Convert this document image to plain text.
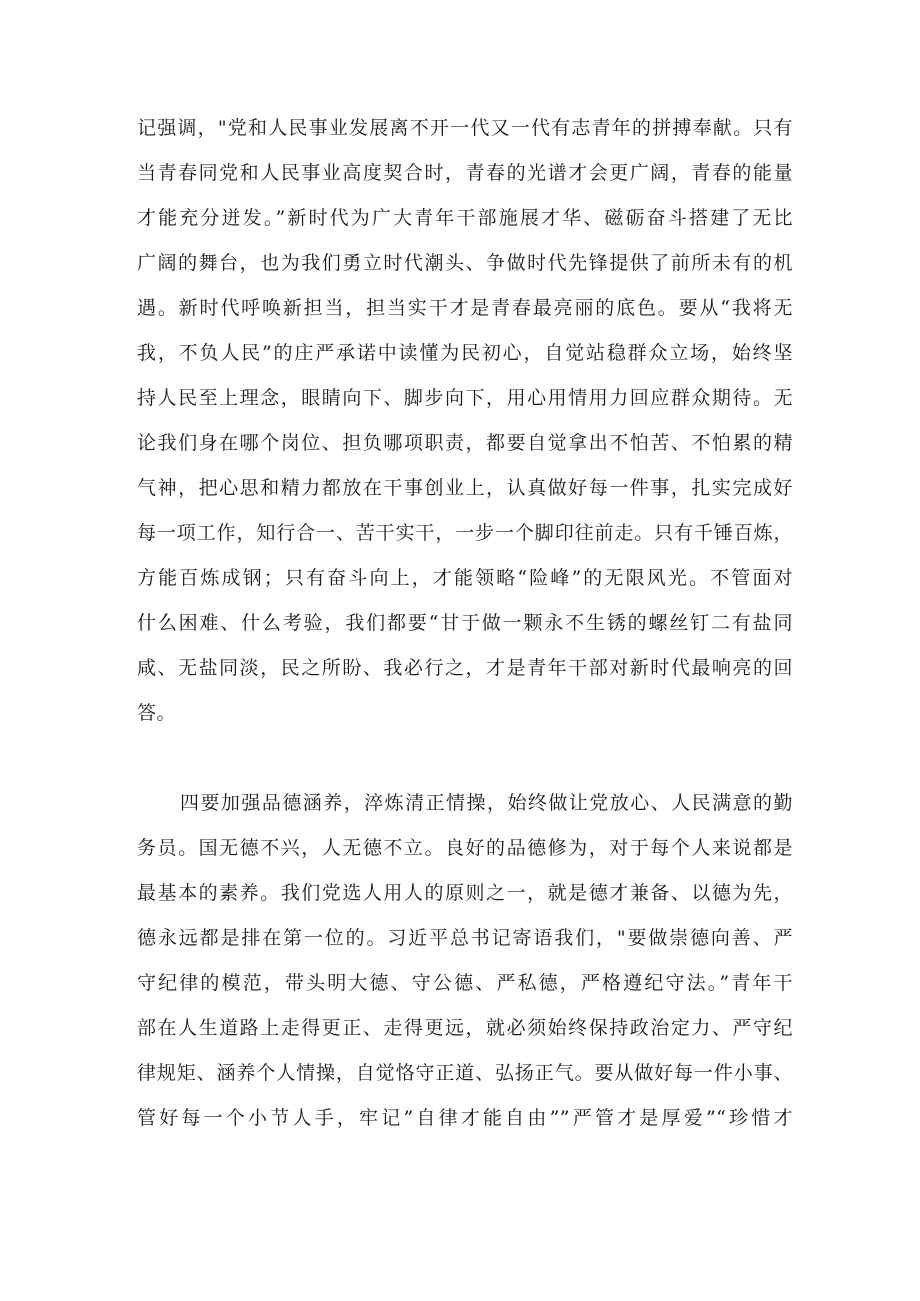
记强调，"党和人民事业发展离不开一代又一代有志青年的拼搏奉献。只有
当青春同党和人民事业高度契合时，青春的光谱才会更广阔，青春的能量
才能充分迸发。”新时代为广大青年干部施展才华、磁砺奋斗搭建了无比
广阔的舞台，也为我们勇立时代潮头、争做时代先锋提供了前所未有的机
遇。新时代呼唤新担当，担当实干才是青春最亮丽的底色。要从“我将无
我，不负人民”的庄严承诺中读懂为民初心，自觉站稳群众立场，始终坚
持人民至上理念，眼睛向下、脚步向下，用心用情用力回应群众期待。无
论我们身在哪个岗位、担负哪项职责，都要自觉拿出不怕苦、不怕累的精
气神，把心思和精力都放在干事创业上，认真做好每一件事，扎实完成好
每一项工作，知行合一、苦干实干，一步一个脚印往前走。只有千锤百炼，
方能百炼成钢；只有奋斗向上，才能领略“险峰”的无限风光。不管面对
什么困难、什么考验，我们都要“甘于做一颗永不生锈的螺丝钉二有盐同
咸、无盐同淡，民之所盼、我必行之，才是青年干部对新时代最响亮的回
答。
四要加强品德涵养，淬炼清正情操，始终做让党放心、人民满意的勤
务员。国无德不兴，人无德不立。良好的品德修为，对于每个人来说都是
最基本的素养。我们党选人用人的原则之一，就是德才兼备、以德为先，
德永远都是排在第一位的。习近平总书记寄语我们，"要做崇德向善、严
守纪律的模范，带头明大德、守公德、严私德，严格遵纪守法。”青年干
部在人生道路上走得更正、走得更远，就必须始终保持政治定力、严守纪
律规矩、涵养个人情操，自觉恪守正道、弘扬正气。要从做好每一件小事、
管好每一个小节人手，牢记”自律才能自由””严管才是厚爱”“珍惜才
